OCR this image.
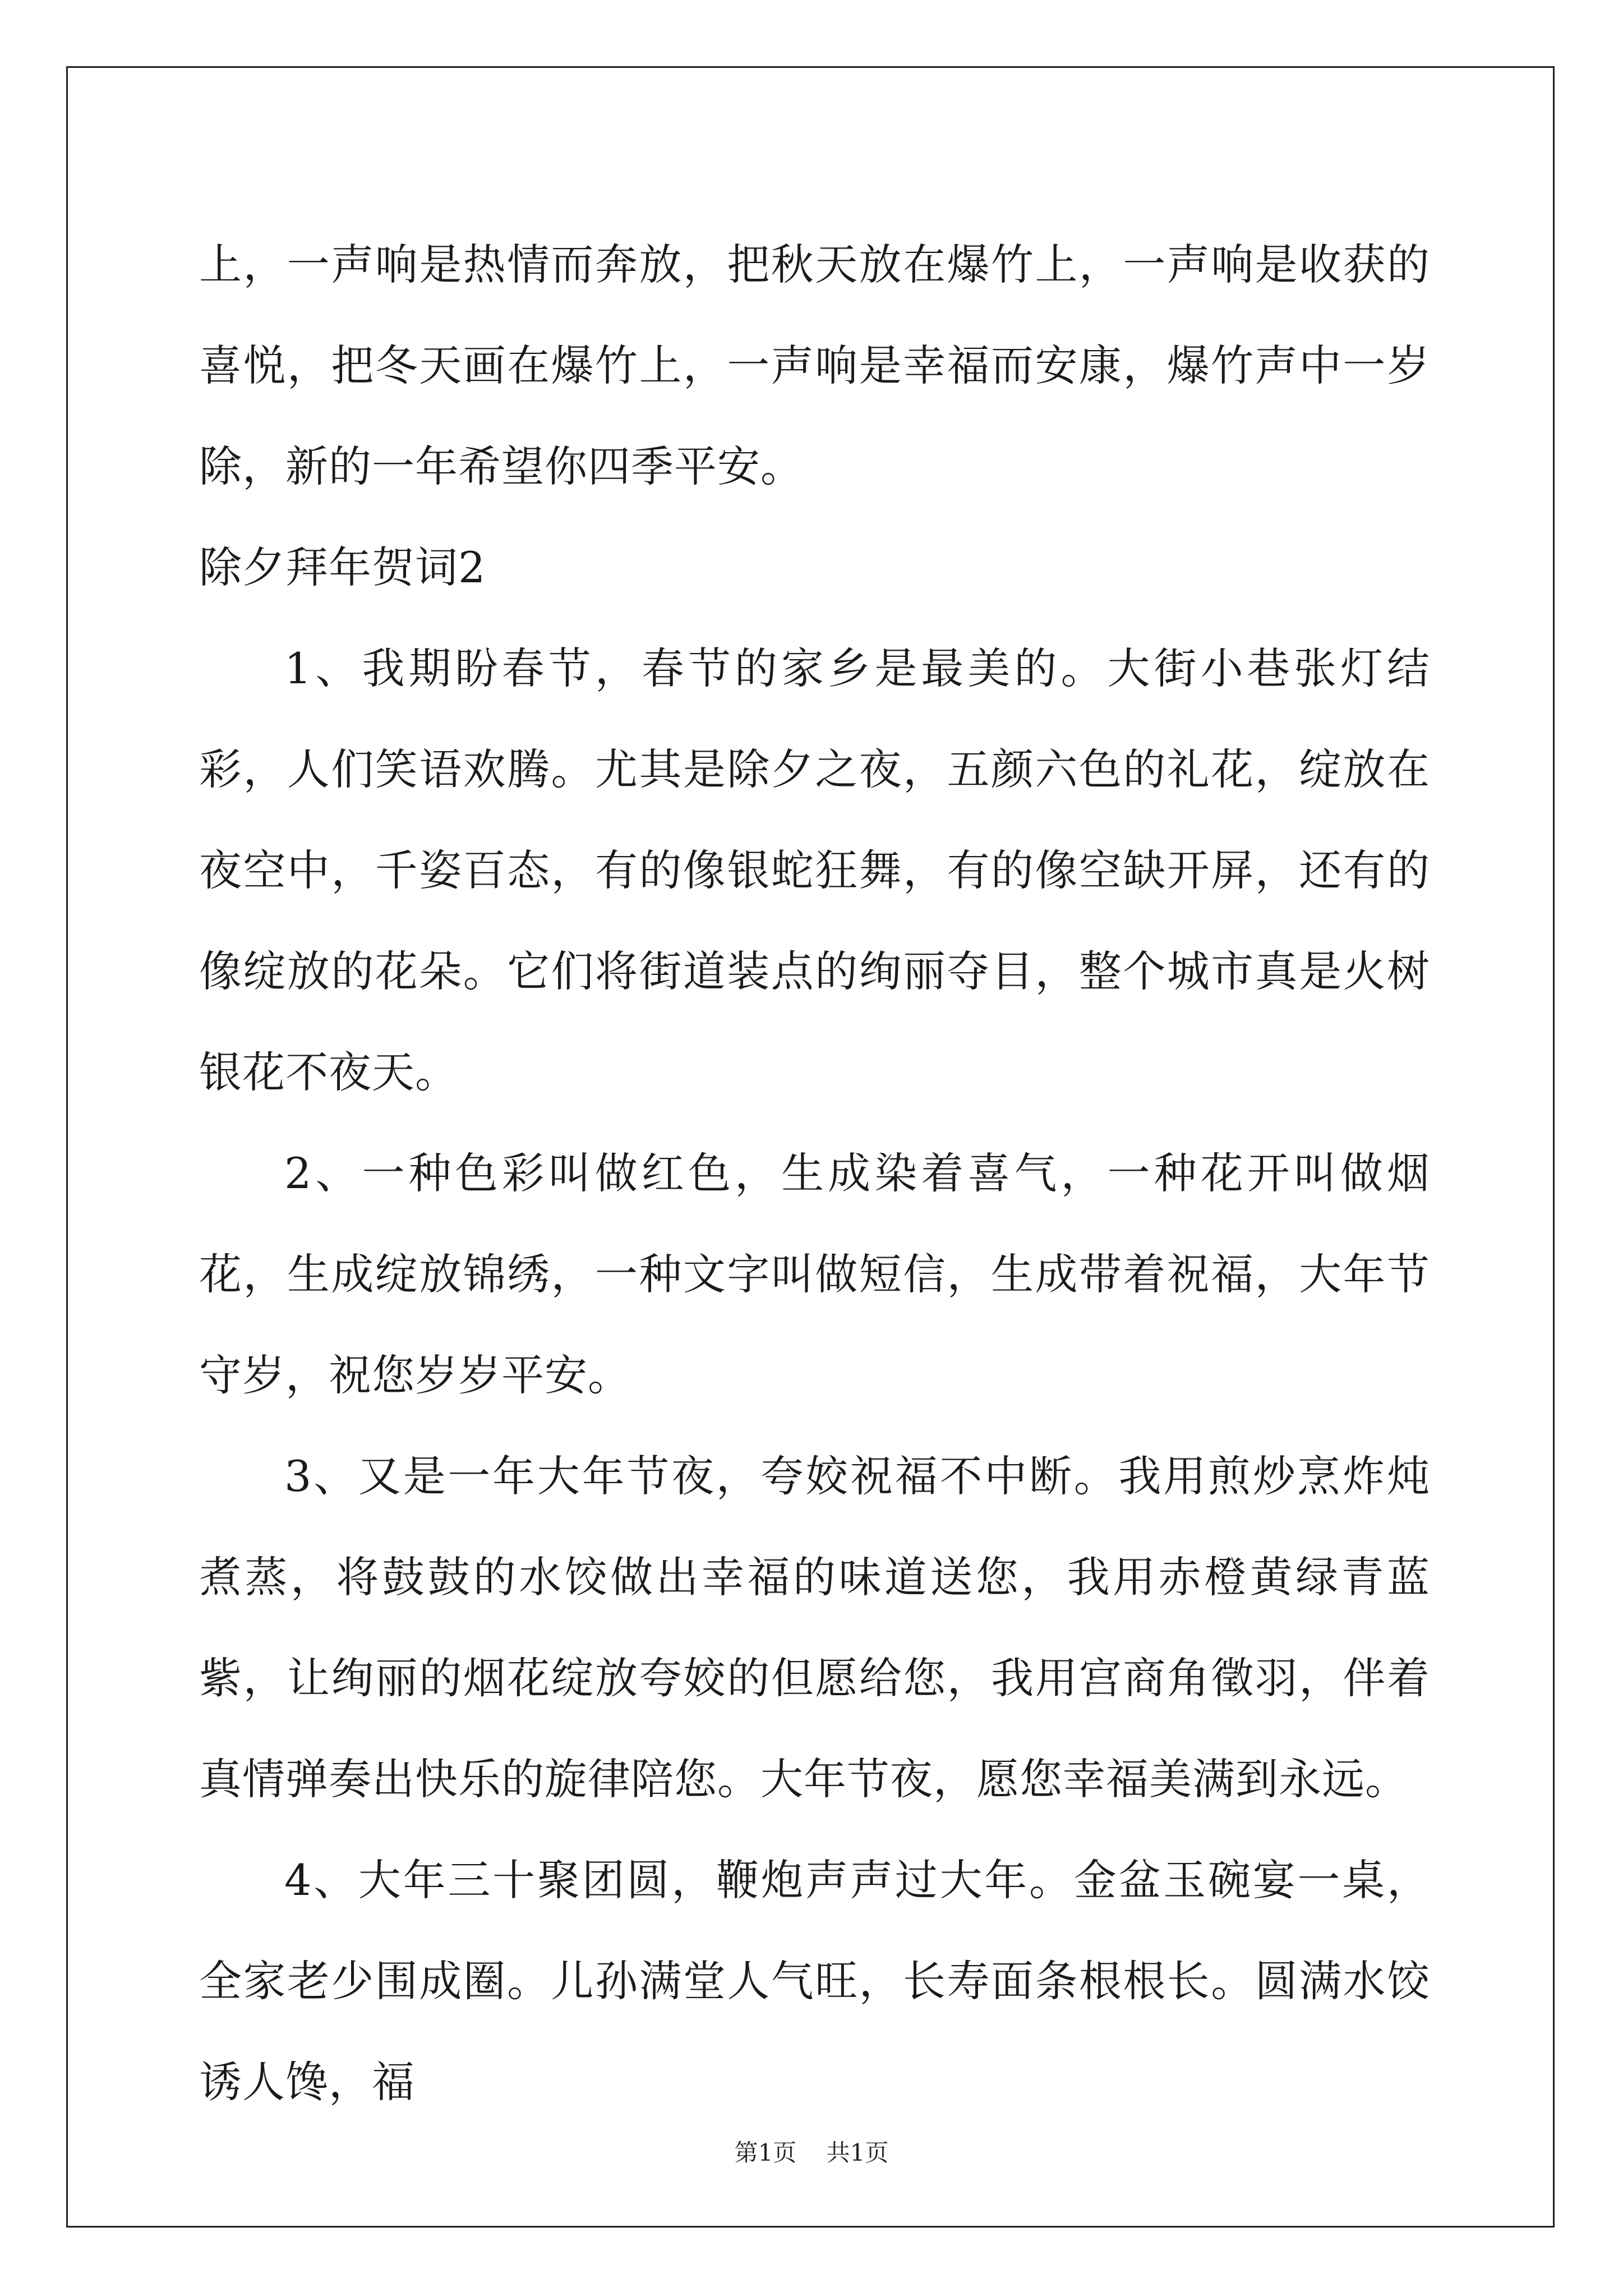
上，一声响是热情而奔放，把秋天放在爆竹上，一声响是收获的喜悦，把冬天画在爆竹上，一声响是幸福而安康，爆竹声中一岁除，新的一年希望你四季平安。

除夕拜年贺词2

1、我期盼春节，春节的家乡是最美的。大街小巷张灯结彩，人们笑语欢腾。尤其是除夕之夜，五颜六色的礼花，绽放在夜空中，千姿百态，有的像银蛇狂舞，有的像空缺开屏，还有的像绽放的花朵。它们将街道装点的绚丽夺目，整个城市真是火树银花不夜天。

2、一种色彩叫做红色，生成染着喜气，一种花开叫做烟花，生成绽放锦绣，一种文字叫做短信，生成带着祝福，大年节守岁，祝您岁岁平安。

3、又是一年大年节夜，夸姣祝福不中断。我用煎炒烹炸炖煮蒸，将鼓鼓的水饺做出幸福的味道送您，我用赤橙黄绿青蓝紫，让绚丽的烟花绽放夸姣的但愿给您，我用宫商角徵羽，伴着真情弹奏出快乐的旋律陪您。大年节夜，愿您幸福美满到永远。

4、大年三十聚团圆，鞭炮声声过大年。金盆玉碗宴一桌，全家老少围成圈。儿孙满堂人气旺，长寿面条根根长。圆满水饺诱人馋，福

第1页 共1页
